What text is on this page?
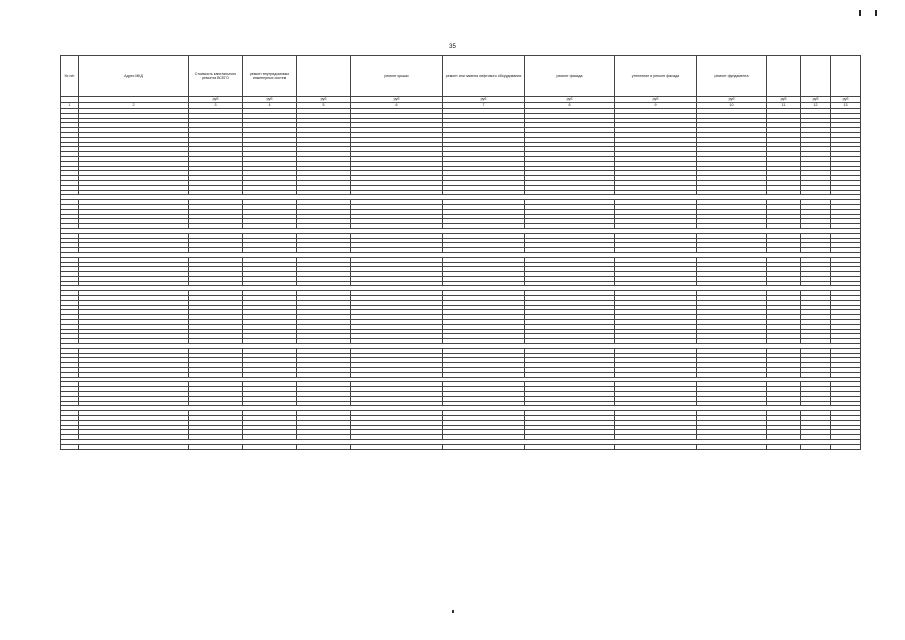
35
№ п/п	Адрес МКД	Стоимость капитального ремонта ВСЕГО	ремонт внутридомовых инженерных систем		ремонт крыши	ремонт или замена лифтового оборудования	ремонт фасада	утепление и ремонт фасада	ремонт фундамента			
		руб	руб	руб	руб	руб	руб	руб	руб	руб	руб	руб
1	2	3	4	5	6	7	8	9	10	11	12	13
